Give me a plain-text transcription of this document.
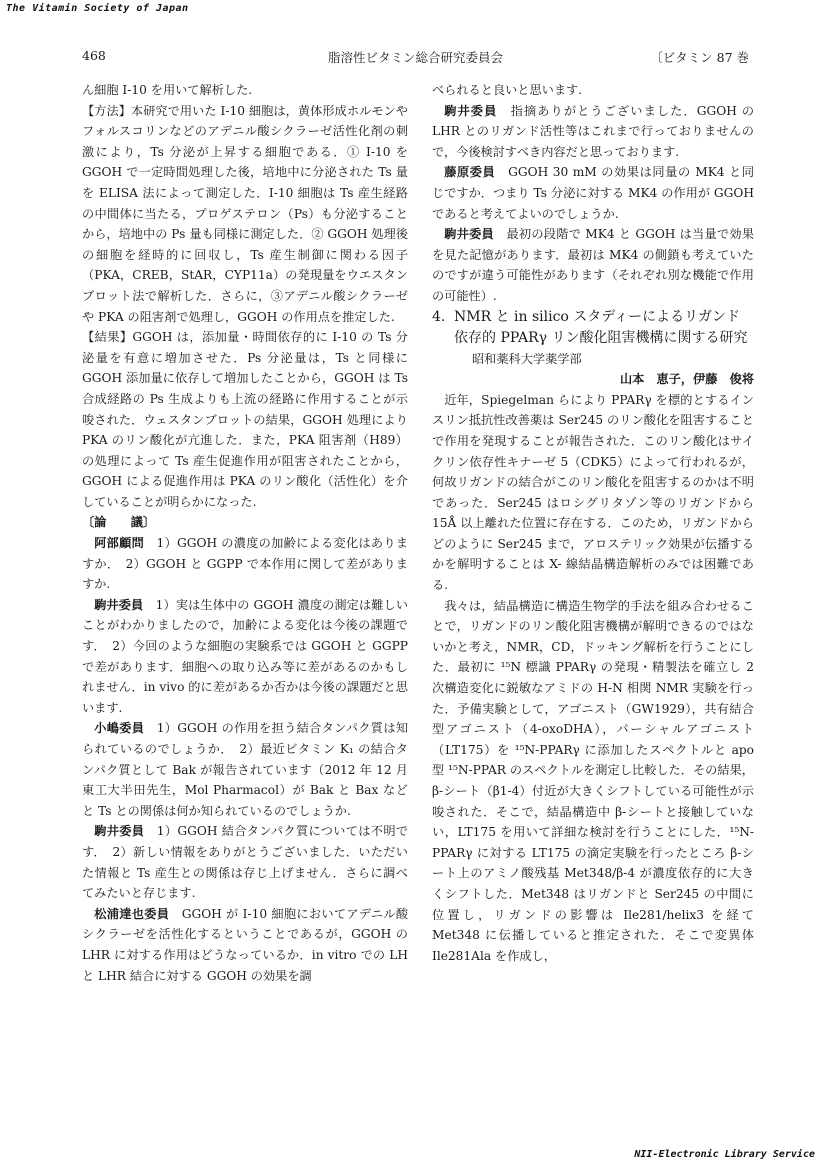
The Vitamin Society of Japan
468	脂溶性ビタミン総合研究委員会	〔ビタミン 87 巻

ん細胞 I-10 を用いて解析した.

【方法】本研究で用いた I-10 細胞は，黄体形成ホルモンやフォルスコリンなどのアデニル酸シクラーゼ活性化剤の刺激により，Ts 分泌が上昇する細胞である．① I-10 を GGOH で一定時間処理した後，培地中に分泌された Ts 量を ELISA 法によって測定した．I-10 細胞は Ts 産生経路の中間体に当たる，プロゲステロン（Ps）も分泌することから，培地中の Ps 量も同様に測定した．② GGOH 処理後の細胞を経時的に回収し，Ts 産生制御に関わる因子（PKA，CREB，StAR，CYP11a）の発現量をウエスタンブロット法で解析した．さらに，③アデニル酸シクラーゼや PKA の阻害剤で処理し，GGOH の作用点を推定した.

【結果】GGOH は，添加量・時間依存的に I-10 の Ts 分泌量を有意に増加させた．Ps 分泌量は，Ts と同様に GGOH 添加量に依存して増加したことから，GGOH は Ts 合成経路の Ps 生成よりも上流の経路に作用することが示唆された．ウェスタンブロットの結果，GGOH 処理により PKA のリン酸化が亢進した．また，PKA 阻害剤（H89）の処理によって Ts 産生促進作用が阻害されたことから，GGOH による促進作用は PKA のリン酸化（活性化）を介していることが明らかになった.

〔論　　議〕

阿部顧問　 1）GGOH の濃度の加齢による変化はありますか．　2）GGOH と GGPP で本作用に関して差がありますか.

駒井委員　 1）実は生体中の GGOH 濃度の測定は難しいことがわかりましたので，加齢による変化は今後の課題です．　2）今回のような細胞の実験系では GGOH と GGPP で差があります．細胞への取り込み等に差があるのかもしれません．in vivo 的に差があるか否かは今後の課題だと思います.

小嶋委員　 1）GGOH の作用を担う結合タンパク質は知られているのでしょうか．　2）最近ビタミン K₁ の結合タンパク質として Bak が報告されています（2012 年 12 月東工大半田先生，Mol Pharmacol）が Bak と Bax などと Ts との関係は何か知られているのでしょうか.

駒井委員　 1）GGOH 結合タンパク質については不明です．　2）新しい情報をありがとうございました．いただいた情報と Ts 産生との関係は存じ上げません．さらに調べてみたいと存じます.

松浦達也委員　 GGOH が I-10 細胞においてアデニル酸シクラーゼを活性化するということであるが，GGOH の LHR に対する作用はどうなっているか．in vitro での LH と LHR 結合に対する GGOH の効果を調

べられると良いと思います.

駒井委員　 指摘ありがとうございました．GGOH の LHR とのリガンド活性等はこれまで行っておりませんので，今後検討すべき内容だと思っております.

藤原委員　 GGOH 30 mM の効果は同量の MK4 と同じですか．つまり Ts 分泌に対する MK4 の作用が GGOH であると考えてよいのでしょうか.

駒井委員　 最初の段階で MK4 と GGOH は当量で効果を見た記憶があります．最初は MK4 の側鎖も考えていたのですが違う可能性があります（それぞれ別な機能で作用の可能性）.

4. NMR と in silico スタディーによるリガンド依存的 PPARγ リン酸化阻害機構に関する研究

昭和薬科大学薬学部

山本　恵子，伊藤　俊将

近年，Spiegelman らにより PPARγ を標的とするインスリン抵抗性改善薬は Ser245 のリン酸化を阻害することで作用を発現することが報告された．このリン酸化はサイクリン依存性キナーゼ 5（CDK5）によって行われるが，何故リガンドの結合がこのリン酸化を阻害するのかは不明であった．Ser245 はロシグリタゾン等のリガンドから 15Å 以上離れた位置に存在する．このため，リガンドからどのように Ser245 まで，アロステリック効果が伝播するかを解明することは X- 線結晶構造解析のみでは困難である.

我々は，結晶構造に構造生物学的手法を組み合わせることで，リガンドのリン酸化阻害機構が解明できるのではないかと考え，NMR，CD，ドッキング解析を行うことにした．最初に ¹⁵N 標識 PPARγ の発現・精製法を確立し 2 次構造変化に鋭敏なアミドの H-N 相関 NMR 実験を行った．予備実験として，アゴニスト（GW1929），共有結合型アゴニスト（4-oxoDHA），パーシャルアゴニスト（LT175）を ¹⁵N-PPARγ に添加したスペクトルと apo 型 ¹⁵N-PPAR のスペクトルを測定し比較した．その結果，β-シート（β1-4）付近が大きくシフトしている可能性が示唆された．そこで，結晶構造中 β-シートと接触していない，LT175 を用いて詳細な検討を行うことにした．¹⁵N-PPARγ に対する LT175 の滴定実験を行ったところ β-シート上のアミノ酸残基 Met348/β-4 が濃度依存的に大きくシフトした．Met348 はリガンドと Ser245 の中間に位置し，リガンドの影響は Ile281/helix3 を経て Met348 に伝播していると推定された．そこで変異体 Ile281Ala を作成し，

NII-Electronic Library Service
